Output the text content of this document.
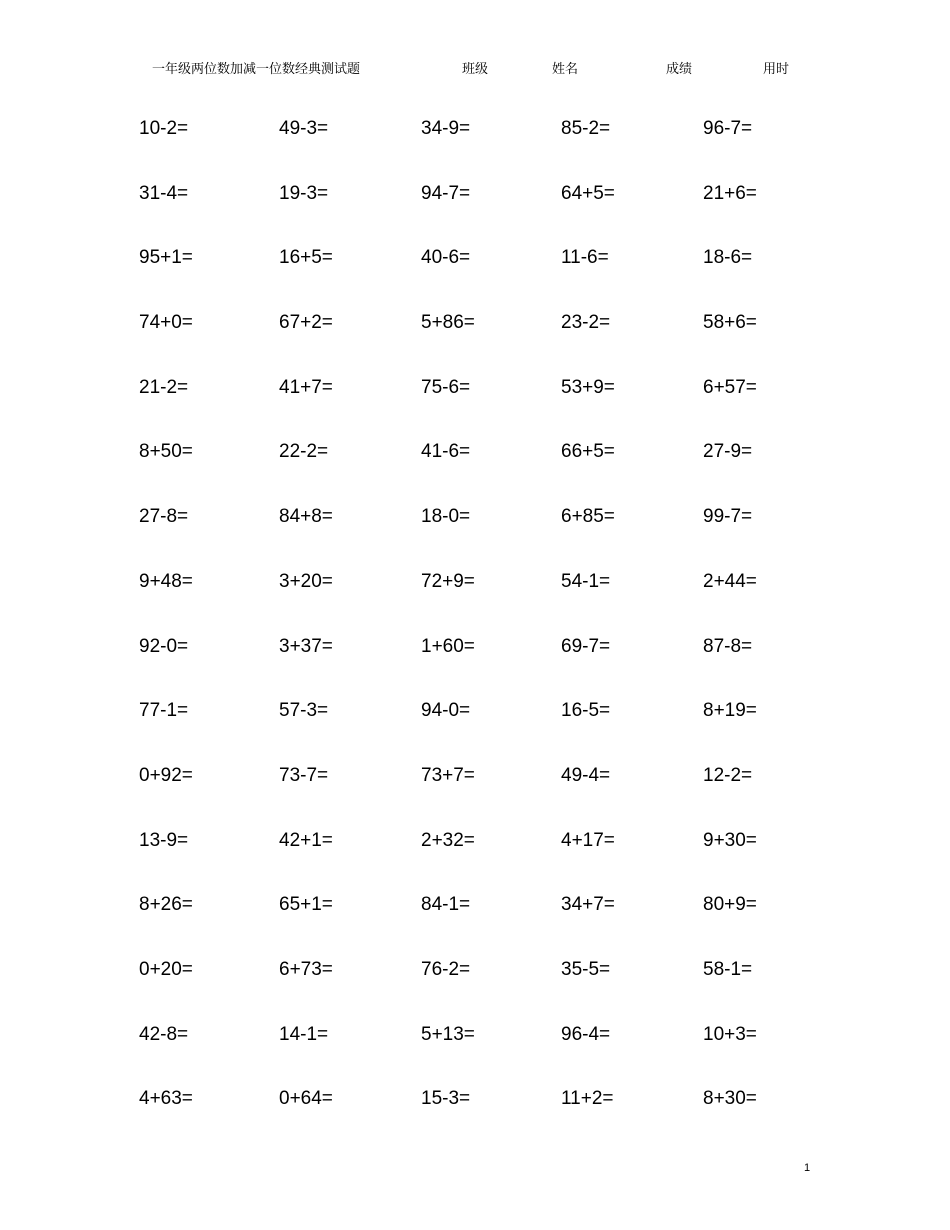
一年级两位数加减一位数经典测试题	班级	姓名	成绩	用时
10-2=	49-3=	34-9=	85-2=	96-7=
31-4=	19-3=	94-7=	64+5=	21+6=
95+1=	16+5=	40-6=	11-6=	18-6=
74+0=	67+2=	5+86=	23-2=	58+6=
21-2=	41+7=	75-6=	53+9=	6+57=
8+50=	22-2=	41-6=	66+5=	27-9=
27-8=	84+8=	18-0=	6+85=	99-7=
9+48=	3+20=	72+9=	54-1=	2+44=
92-0=	3+37=	1+60=	69-7=	87-8=
77-1=	57-3=	94-0=	16-5=	8+19=
0+92=	73-7=	73+7=	49-4=	12-2=
13-9=	42+1=	2+32=	4+17=	9+30=
8+26=	65+1=	84-1=	34+7=	80+9=
0+20=	6+73=	76-2=	35-5=	58-1=
42-8=	14-1=	5+13=	96-4=	10+3=
4+63=	0+64=	15-3=	11+2=	8+30=
1
